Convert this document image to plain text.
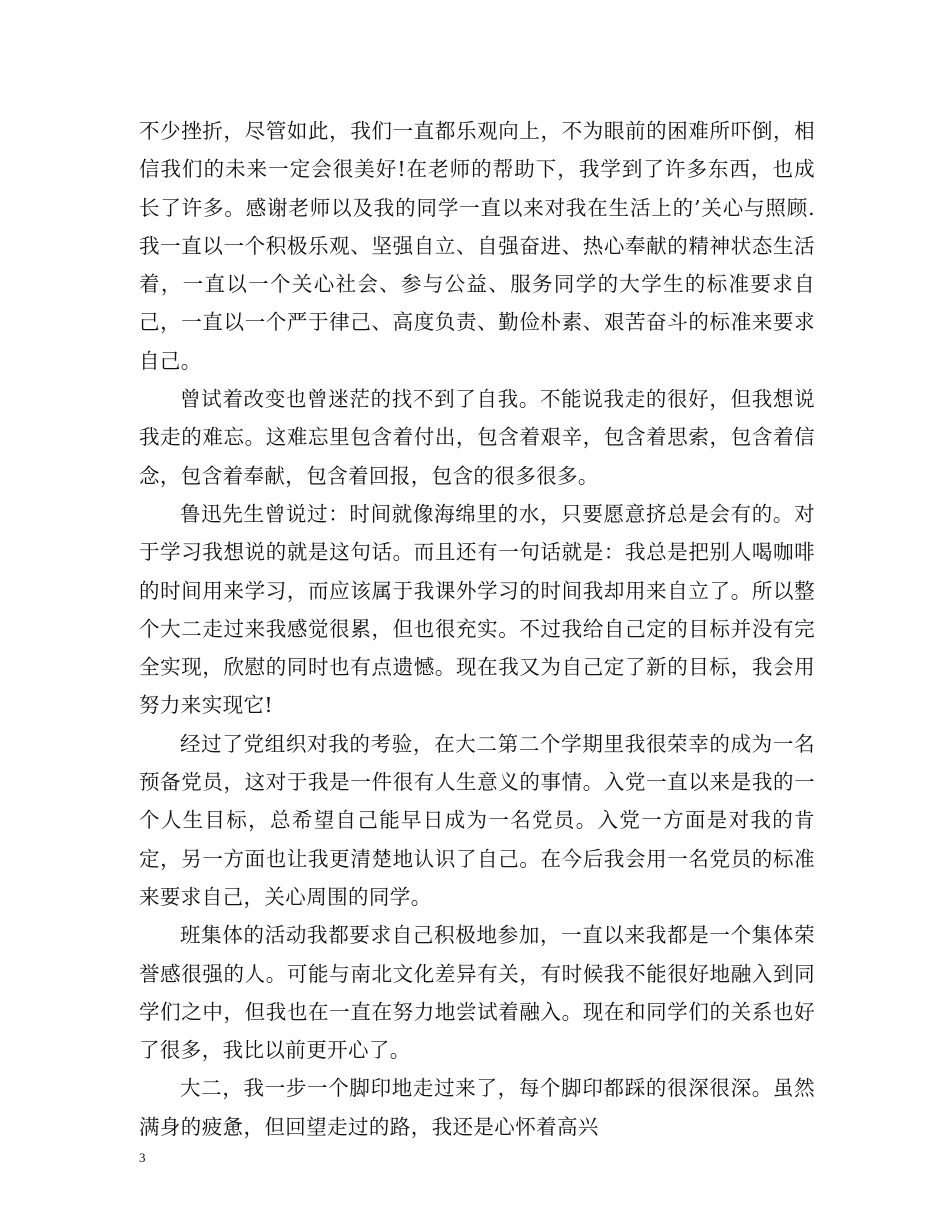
不少挫折，尽管如此，我们一直都乐观向上，不为眼前的困难所吓倒，相信我们的未来一定会很美好!在老师的帮助下，我学到了许多东西，也成长了许多。感谢老师以及我的同学一直以来对我在生活上的’关心与照顾.我一直以一个积极乐观、坚强自立、自强奋进、热心奉献的精神状态生活着，一直以一个关心社会、参与公益、服务同学的大学生的标准要求自己，一直以一个严于律己、高度负责、勤俭朴素、艰苦奋斗的标准来要求自己。

曾试着改变也曾迷茫的找不到了自我。不能说我走的很好，但我想说我走的难忘。这难忘里包含着付出，包含着艰辛，包含着思索，包含着信念，包含着奉献，包含着回报，包含的很多很多。

鲁迅先生曾说过：时间就像海绵里的水，只要愿意挤总是会有的。对于学习我想说的就是这句话。而且还有一句话就是：我总是把别人喝咖啡的时间用来学习，而应该属于我课外学习的时间我却用来自立了。所以整个大二走过来我感觉很累，但也很充实。不过我给自己定的目标并没有完全实现，欣慰的同时也有点遗憾。现在我又为自己定了新的目标，我会用努力来实现它!

经过了党组织对我的考验，在大二第二个学期里我很荣幸的成为一名预备党员，这对于我是一件很有人生意义的事情。入党一直以来是我的一个人生目标，总希望自己能早日成为一名党员。入党一方面是对我的肯定，另一方面也让我更清楚地认识了自己。在今后我会用一名党员的标准来要求自己，关心周围的同学。

班集体的活动我都要求自己积极地参加，一直以来我都是一个集体荣誉感很强的人。可能与南北文化差异有关，有时候我不能很好地融入到同学们之中，但我也在一直在努力地尝试着融入。现在和同学们的关系也好了很多，我比以前更开心了。

大二，我一步一个脚印地走过来了，每个脚印都踩的很深很深。虽然满身的疲惫，但回望走过的路，我还是心怀着高兴

3
